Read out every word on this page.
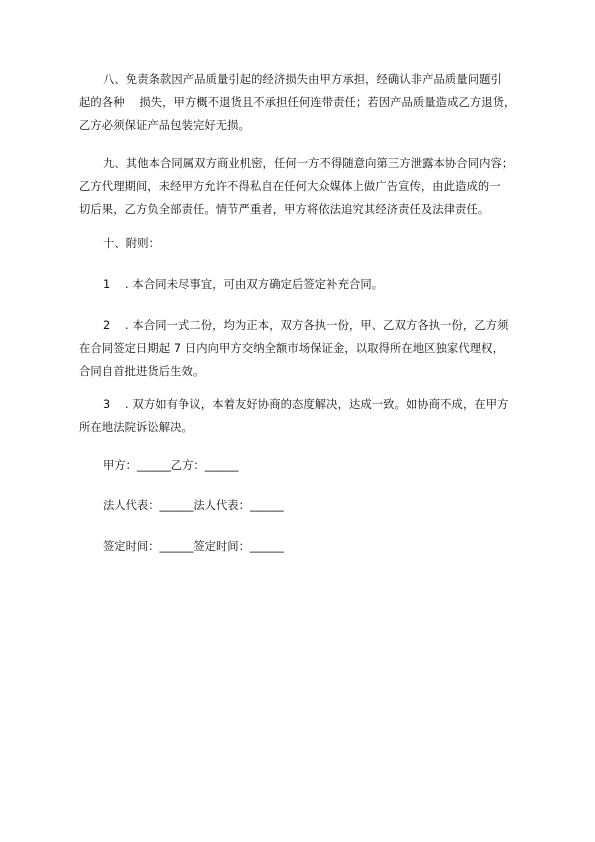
八、免责条款因产品质量引起的经济损失由甲方承担，经确认非产品质量问题引
起的各种    损失，甲方概不退货且不承担任何连带责任；若因产品质量造成乙方退货，
乙方必须保证产品包装完好无损。
九、其他本合同属双方商业机密，任何一方不得随意向第三方泄露本协合同内容；
乙方代理期间，未经甲方允许不得私自在任何大众媒体上做广告宣传，由此造成的一
切后果，乙方负全部责任。情节严重者，甲方将依法追究其经济责任及法律责任。
十、附则：
1    . 本合同未尽事宜，可由双方确定后签定补充合同。
2    . 本合同一式二份，均为正本，双方各执一份，甲、乙双方各执一份，乙方须
在合同签定日期起 7 日内向甲方交纳全额市场保证金，以取得所在地区独家代理权，
合同自首批进货后生效。
3    . 双方如有争议，本着友好协商的态度解决，达成一致。如协商不成，在甲方
所在地法院诉讼解决。
甲方：______乙方：______
法人代表：______法人代表：______
签定时间：______签定时间：______
